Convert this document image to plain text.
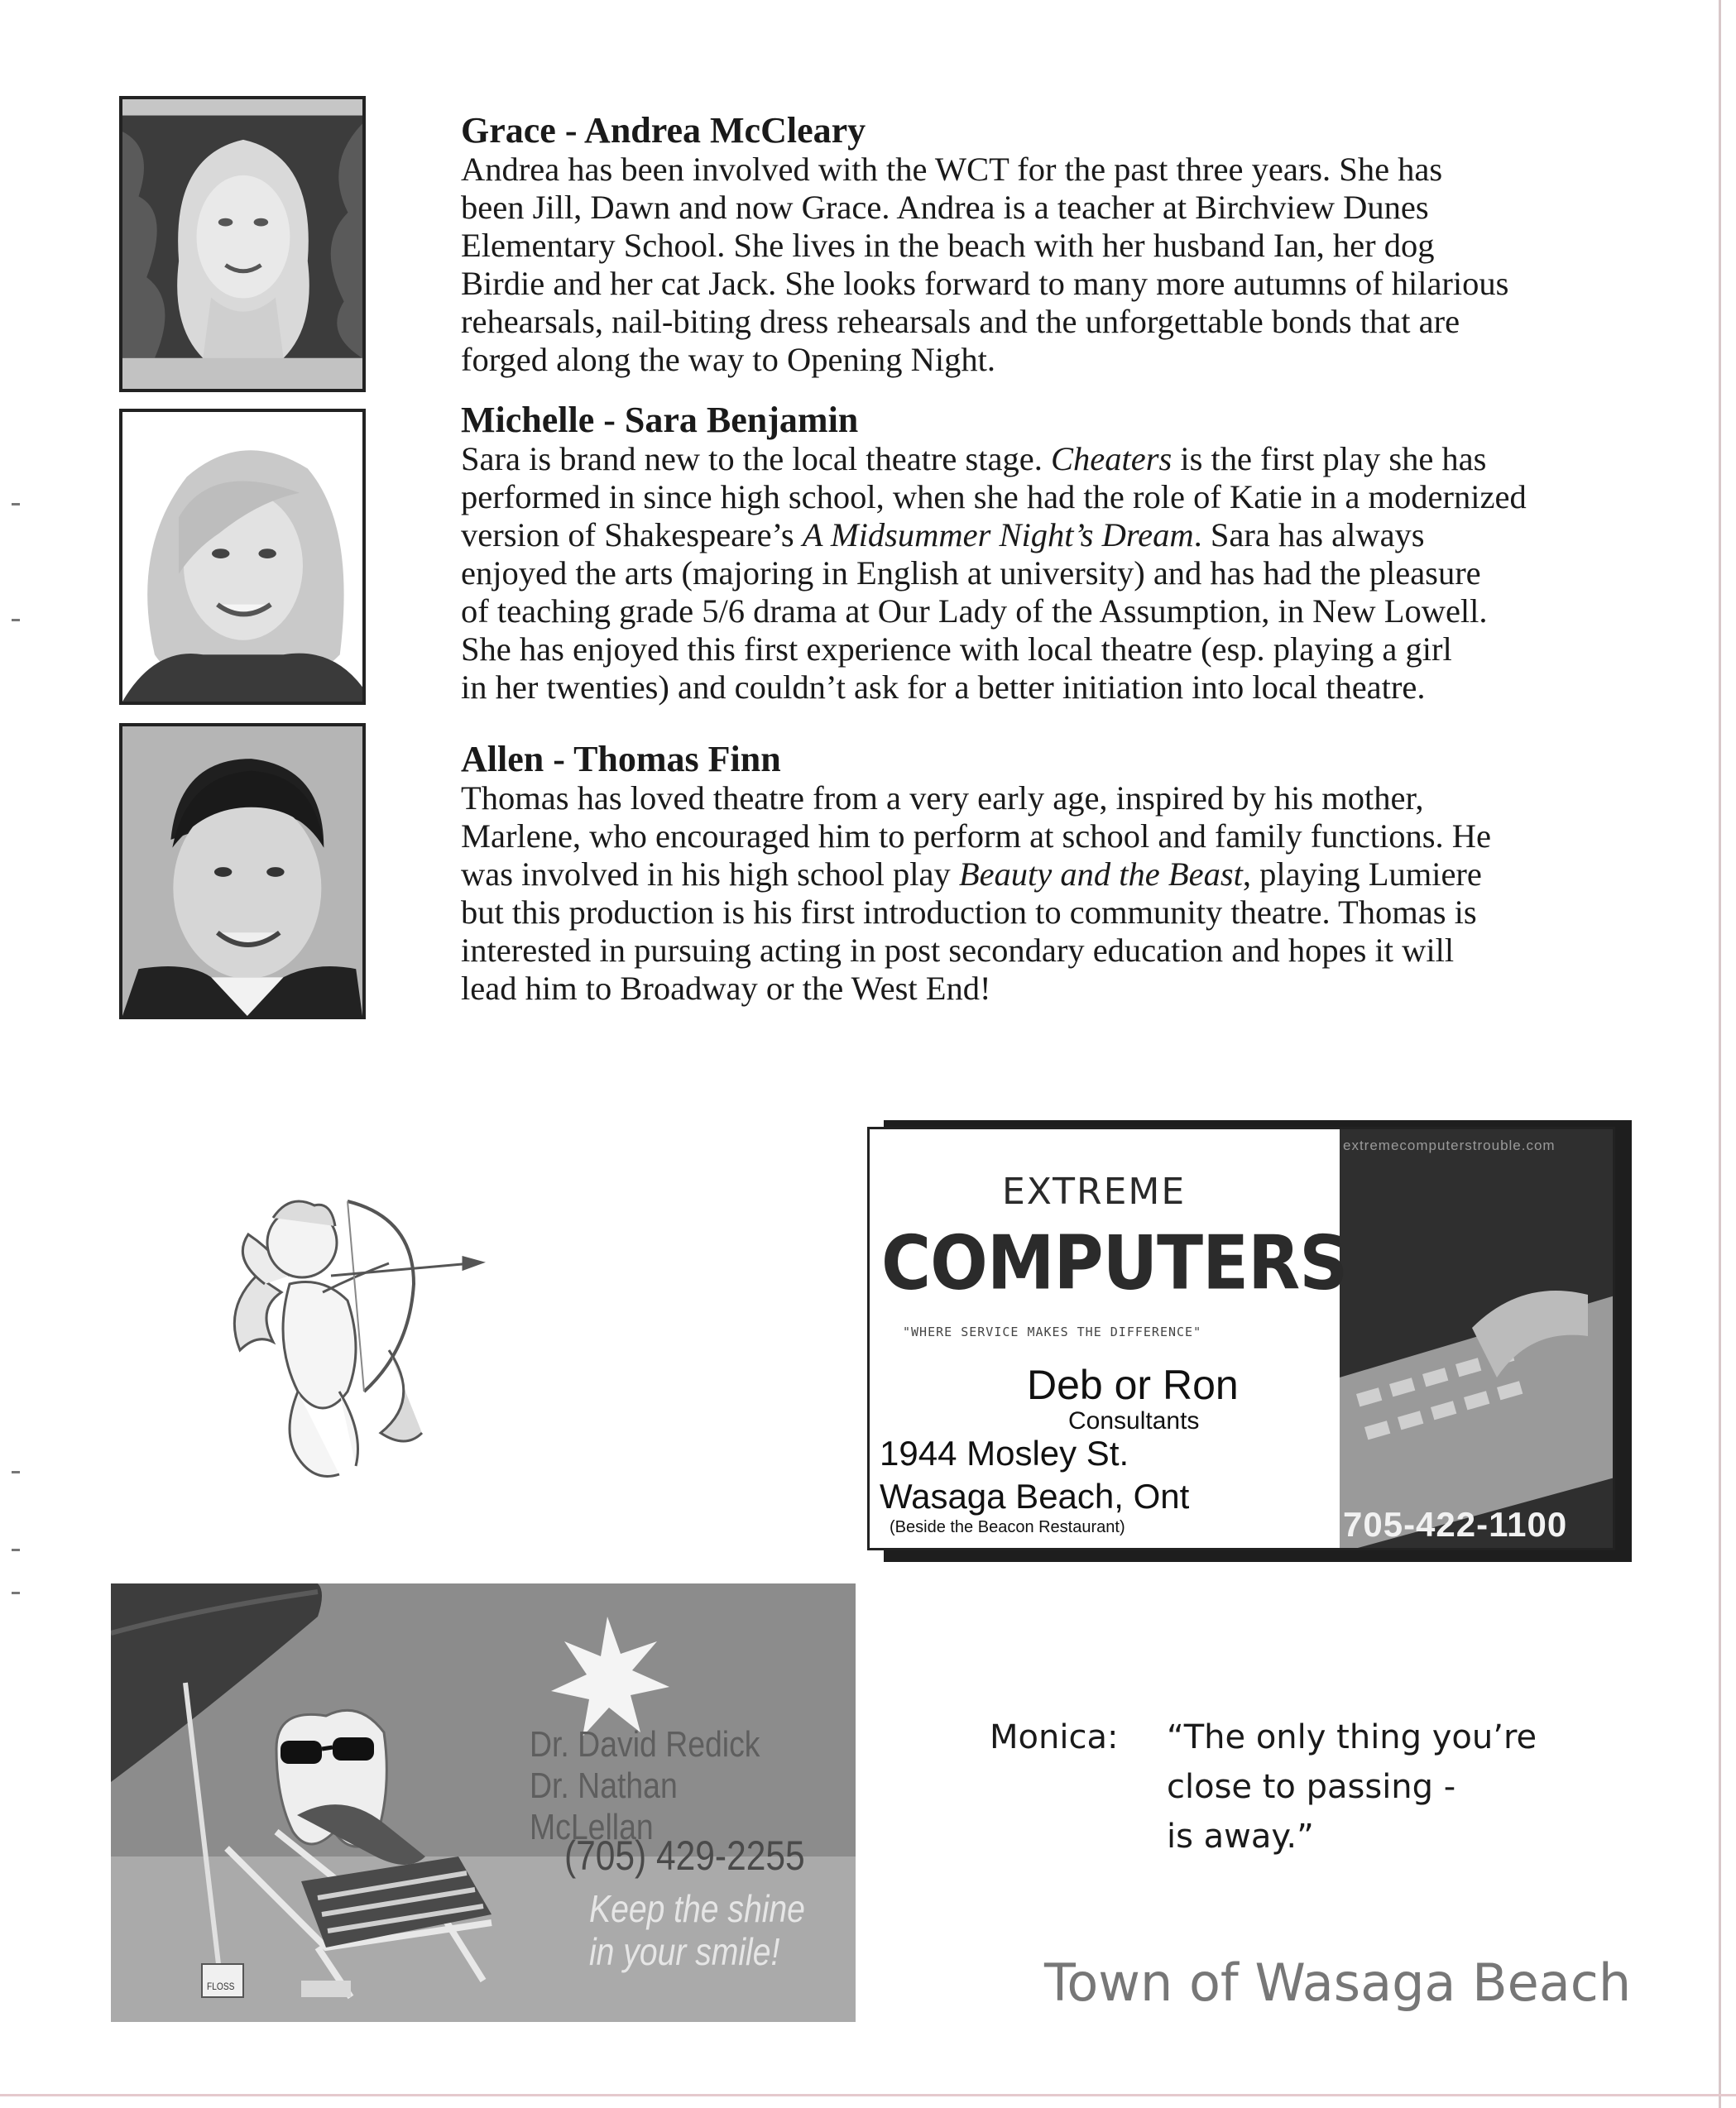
Grace - Andrea McCleary

Andrea has been involved with the WCT for the past three years. She has
been Jill, Dawn and now Grace. Andrea is a teacher at Birchview Dunes
Elementary School. She lives in the beach with her husband Ian, her dog
Birdie and her cat Jack. She looks forward to many more autumns of hilarious
rehearsals, nail-biting dress rehearsals and the unforgettable bonds that are
forged along the way to Opening Night.

Michelle - Sara Benjamin

Sara is brand new to the local theatre stage. Cheaters is the first play she has
performed in since high school, when she had the role of Katie in a modernized
version of Shakespeare’s A Midsummer Night’s Dream. Sara has always
enjoyed the arts (majoring in English at university) and has had the pleasure
of teaching grade 5/6 drama at Our Lady of the Assumption, in New Lowell.
She has enjoyed this first experience with local theatre (esp. playing a girl
in her twenties) and couldn’t ask for a better initiation into local theatre.

Allen - Thomas Finn

Thomas has loved theatre from a very early age, inspired by his mother,
Marlene, who encouraged him to perform at school and family functions. He
was involved in his high school play Beauty and the Beast, playing Lumiere
but this production is his first introduction to community theatre. Thomas is
interested in pursuing acting in post secondary education and hopes it will
lead him to Broadway or the West End!

extremecomputerstrouble.com
EXTREME
COMPUTERS
"WHERE SERVICE MAKES THE DIFFERENCE"
Deb or Ron
Consultants
1944 Mosley St.
Wasaga Beach, Ont
(Beside the Beacon Restaurant)	705-422-1100
FLOSS
Dr. David Redick
Dr. Nathan McLellan
(705) 429-2255
Keep the shine
in your smile!
Monica: “The only thing you’re
close to passing -
is away.”
Town of Wasaga Beach
